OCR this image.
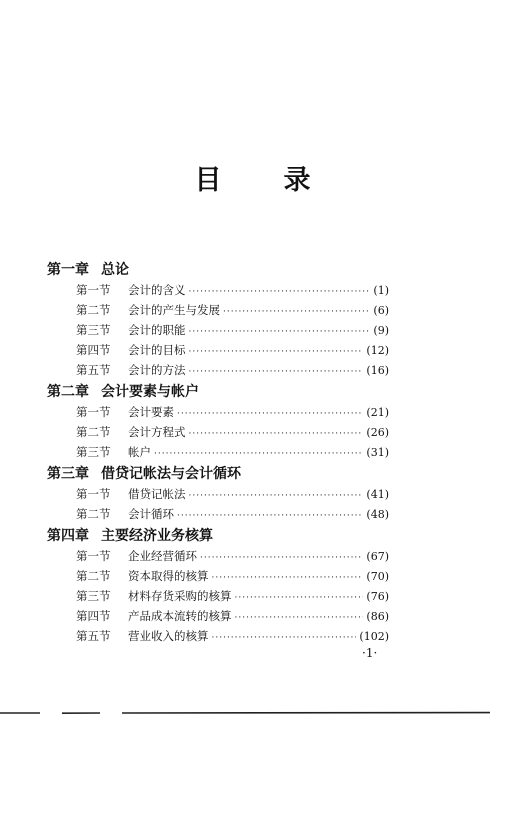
目 录
第一章 总论
第一节	会计的含义 ·····	(1)
第二节	会计的产生与发展 ·····	(6)
第三节	会计的职能 ·····	(9)
第四节	会计的目标 ·····	(12)
第五节	会计的方法 ·····	(16)
第二章 会计要素与帐户
第一节	会计要素 ·····	(21)
第二节	会计方程式 ·····	(26)
第三节	帐户 ·····	(31)
第三章 借贷记帐法与会计循环
第一节	借贷记帐法 ·····	(41)
第二节	会计循环 ·····	(48)
第四章 主要经济业务核算
第一节	企业经营循环 ·····	(67)
第二节	资本取得的核算 ·····	(70)
第三节	材料存货采购的核算 ·····	(76)
第四节	产品成本流转的核算 ·····	(86)
第五节	营业收入的核算 ·····	(102)
·1·
